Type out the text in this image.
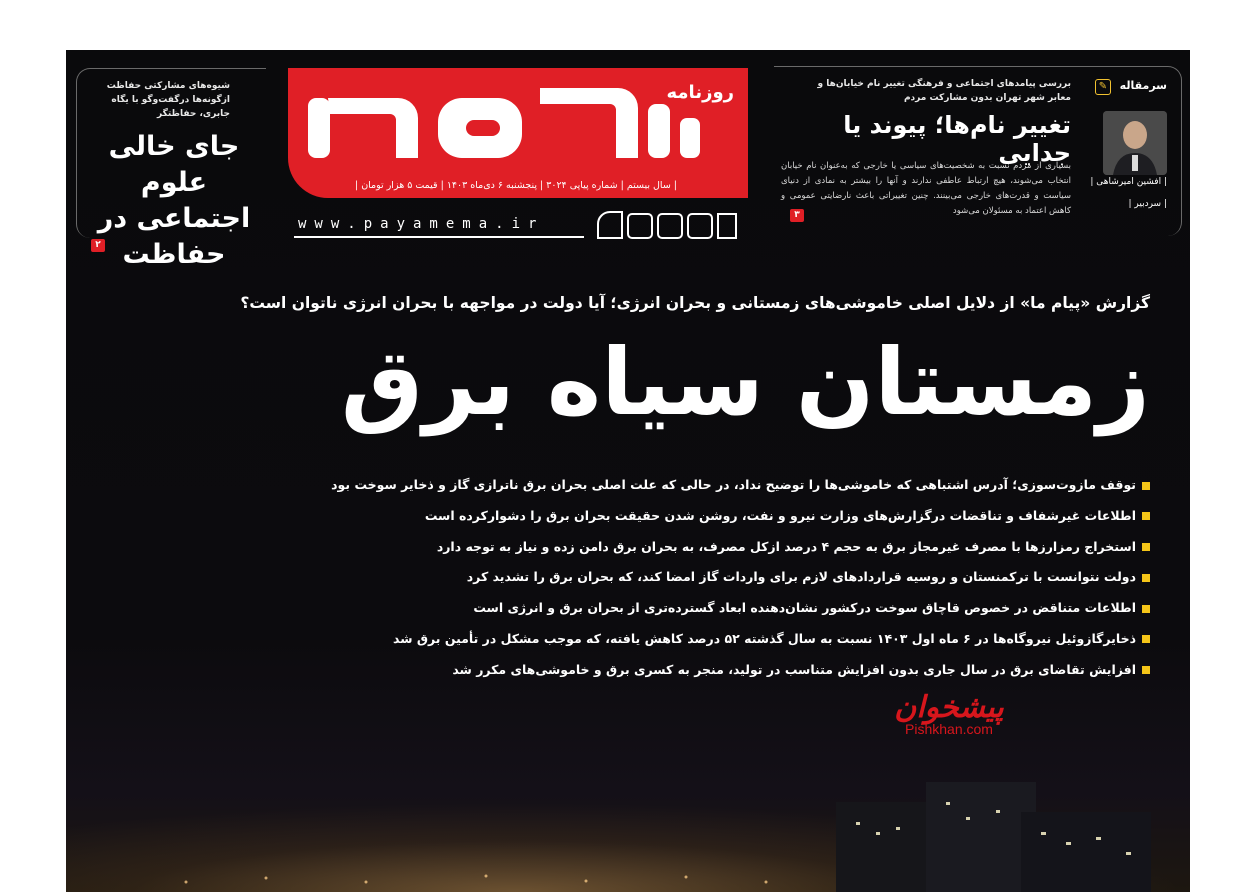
شیوه‌های مشارکتی حفاظت ازگونه‌ها درگفت‌وگو با یگاه جابری، حفاظتگر
جای خالی علوم اجتماعی در حفاظت
۲
روزنامه
| سال بیستم | شماره پیاپی ۳۰۲۴ | پنجشنبه ۶ دی‌ماه ۱۴۰۳ | قیمت ۵ هزار تومان |
www.payamema.ir
سرمقاله
✎
بررسی پیامدهای اجتماعی و فرهنگی تغییر نام خیابان‌ها و معابر شهر تهران بدون مشارکت مردم
تغییر نام‌ها؛ پیوند یا جدایی
بسیاری از مردم نسبت به شخصیت‌های سیاسی یا خارجی که به‌عنوان نام خیابان انتخاب می‌شوند، هیچ ارتباط عاطفی ندارند و آنها را بیشتر به نمادی از دنیای سیاست و قدرت‌های خارجی می‌بینند. چنین تغییراتی باعث نارضایتی عمومی و کاهش اعتماد به مسئولان می‌شود
| افشین امیرشاهی |
| سردبیر |
۳
گزارش «پیام ما» از دلایل اصلی خاموشی‌های زمستانی و بحران انرژی؛ آیا دولت در مواجهه با بحران انرژی ناتوان است؟
زمستان سیاه برق
توقف مازوت‌سوزی؛ آدرس اشتباهی که خاموشی‌ها را توضیح نداد، در حالی که علت اصلی بحران برق ناترازی گاز و ذخایر سوخت بود
اطلاعات غیرشفاف و تناقضات درگزارش‌های وزارت نیرو و نفت، روشن شدن حقیقت بحران برق را دشوارکرده است
استخراج رمزارزها با مصرف غیرمجاز برق به حجم ۴ درصد ازکل مصرف، به بحران برق دامن زده و نیاز به توجه دارد
دولت نتوانست با ترکمنستان و روسیه قراردادهای لازم برای واردات گاز امضا کند، که بحران برق را تشدید کرد
اطلاعات متناقض در خصوص قاچاق سوخت درکشور نشان‌دهنده ابعاد گسترده‌تری از بحران برق و انرژی است
ذخایرگازوئیل نیروگاه‌ها در ۶ ماه اول ۱۴۰۳ نسبت به سال گذشته ۵۲ درصد کاهش یافته، که موجب مشکل در تأمین برق شد
افزایش تقاضای برق در سال جاری بدون افزایش متناسب در تولید، منجر به کسری برق و خاموشی‌های مکرر شد
پیشخوان
Pishkhan.com
